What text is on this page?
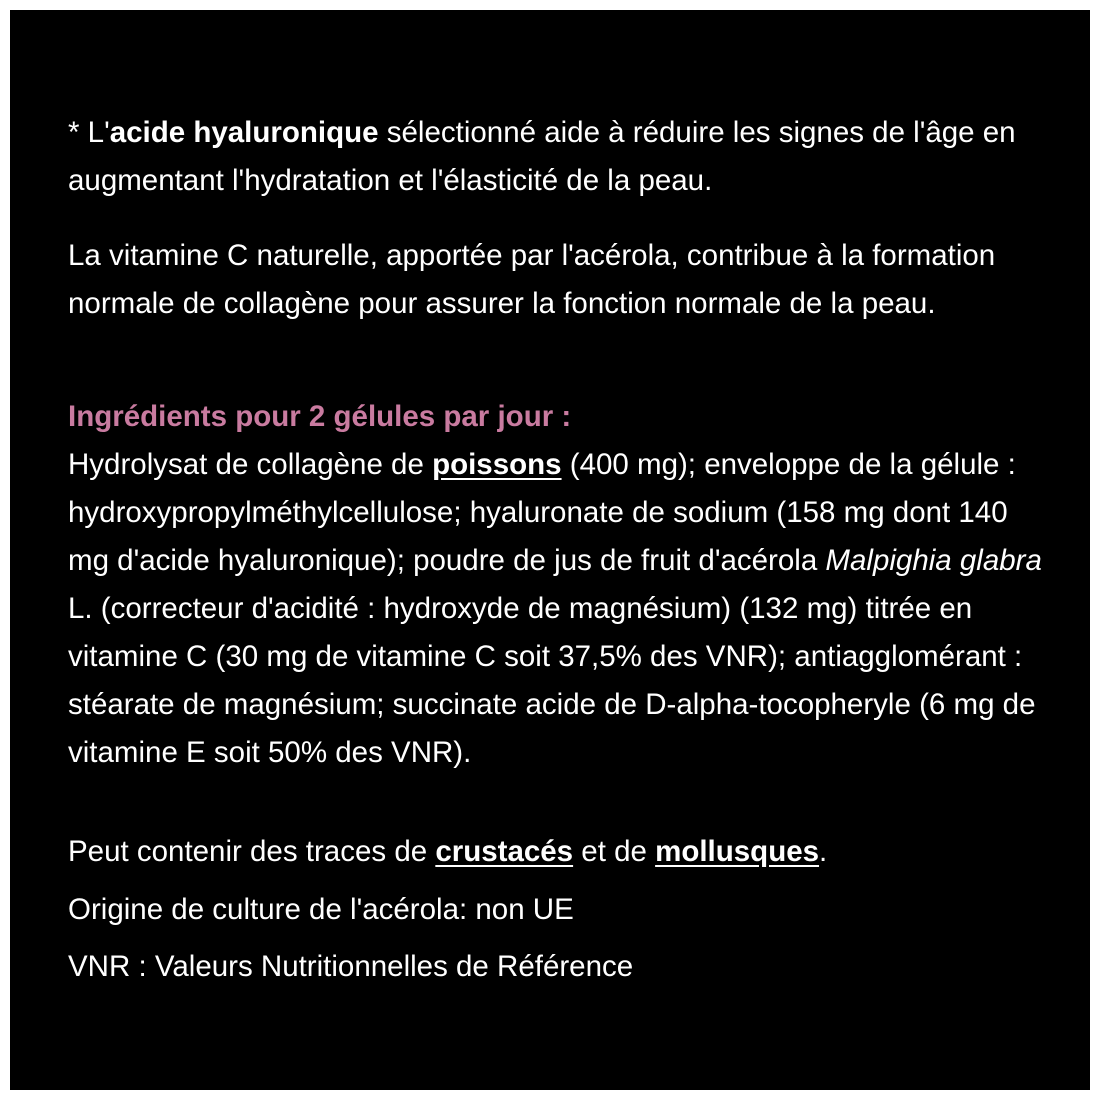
* L'acide hyaluronique sélectionné aide à réduire les signes de l'âge en augmentant l'hydratation et l'élasticité de la peau.

La vitamine C naturelle, apportée par l'acérola, contribue à la formation normale de collagène pour assurer la fonction normale de la peau.

Ingrédients pour 2 gélules par jour :
Hydrolysat de collagène de poissons (400 mg); enveloppe de la gélule : hydroxypropylméthylcellulose; hyaluronate de sodium (158 mg dont 140 mg d'acide hyaluronique); poudre de jus de fruit d'acérola Malpighia glabra L. (correcteur d'acidité : hydroxyde de magnésium) (132 mg) titrée en vitamine C (30 mg de vitamine C soit 37,5% des VNR); antiagglomérant : stéarate de magnésium; succinate acide de D-alpha-tocopheryle (6 mg de vitamine E soit 50% des VNR).

Peut contenir des traces de crustacés et de mollusques.

Origine de culture de l'acérola: non UE

VNR : Valeurs Nutritionnelles de Référence
